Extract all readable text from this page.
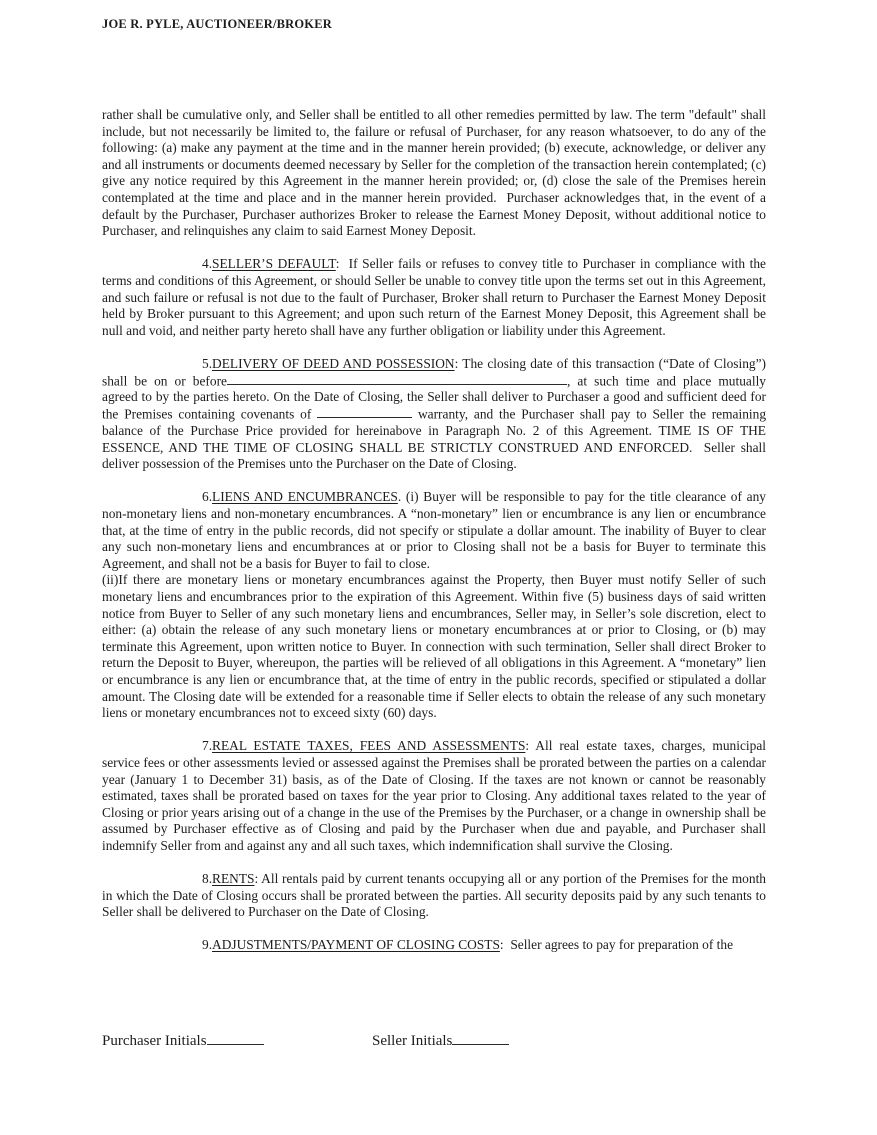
JOE R. PYLE, AUCTIONEER/BROKER
rather shall be cumulative only, and Seller shall be entitled to all other remedies permitted by law. The term "default" shall include, but not necessarily be limited to, the failure or refusal of Purchaser, for any reason whatsoever, to do any of the following: (a) make any payment at the time and in the manner herein provided; (b) execute, acknowledge, or deliver any and all instruments or documents deemed necessary by Seller for the completion of the transaction herein contemplated; (c) give any notice required by this Agreement in the manner herein provided; or, (d) close the sale of the Premises herein contemplated at the time and place and in the manner herein provided.  Purchaser acknowledges that, in the event of a default by the Purchaser, Purchaser authorizes Broker to release the Earnest Money Deposit, without additional notice to Purchaser, and relinquishes any claim to said Earnest Money Deposit.
4.SELLER’S DEFAULT:  If Seller fails or refuses to convey title to Purchaser in compliance with the terms and conditions of this Agreement, or should Seller be unable to convey title upon the terms set out in this Agreement, and such failure or refusal is not due to the fault of Purchaser, Broker shall return to Purchaser the Earnest Money Deposit held by Broker pursuant to this Agreement; and upon such return of the Earnest Money Deposit, this Agreement shall be null and void, and neither party hereto shall have any further obligation or liability under this Agreement.
5.DELIVERY OF DEED AND POSSESSION: The closing date of this transaction (“Date of Closing”) shall be on or before	, at such time and place mutually agreed to by the parties hereto. On the Date of Closing, the Seller shall deliver to Purchaser a good and sufficient deed for the Premises containing covenants of	warranty, and the Purchaser shall pay to Seller the remaining balance of the Purchase Price provided for hereinabove in Paragraph No. 2 of this Agreement. TIME IS OF THE ESSENCE, AND THE TIME OF CLOSING SHALL BE STRICTLY CONSTRUED AND ENFORCED.  Seller shall deliver possession of the Premises unto the Purchaser on the Date of Closing.
6.LIENS AND ENCUMBRANCES. (i) Buyer will be responsible to pay for the title clearance of any non-monetary liens and non-monetary encumbrances. A “non-monetary” lien or encumbrance is any lien or encumbrance that, at the time of entry in the public records, did not specify or stipulate a dollar amount. The inability of Buyer to clear any such non-monetary liens and encumbrances at or prior to Closing shall not be a basis for Buyer to terminate this Agreement, and shall not be a basis for Buyer to fail to close.
(ii)If there are monetary liens or monetary encumbrances against the Property, then Buyer must notify Seller of such monetary liens and encumbrances prior to the expiration of this Agreement. Within five (5) business days of said written notice from Buyer to Seller of any such monetary liens and encumbrances, Seller may, in Seller’s sole discretion, elect to either: (a) obtain the release of any such monetary liens or monetary encumbrances at or prior to Closing, or (b) may terminate this Agreement, upon written notice to Buyer. In connection with such termination, Seller shall direct Broker to return the Deposit to Buyer, whereupon, the parties will be relieved of all obligations in this Agreement. A “monetary” lien or encumbrance is any lien or encumbrance that, at the time of entry in the public records, specified or stipulated a dollar amount. The Closing date will be extended for a reasonable time if Seller elects to obtain the release of any such monetary liens or monetary encumbrances not to exceed sixty (60) days.
7.REAL ESTATE TAXES, FEES AND ASSESSMENTS: All real estate taxes, charges, municipal service fees or other assessments levied or assessed against the Premises shall be prorated between the parties on a calendar year (January 1 to December 31) basis, as of the Date of Closing. If the taxes are not known or cannot be reasonably estimated, taxes shall be prorated based on taxes for the year prior to Closing. Any additional taxes related to the year of Closing or prior years arising out of a change in the use of the Premises by the Purchaser, or a change in ownership shall be assumed by Purchaser effective as of Closing and paid by the Purchaser when due and payable, and Purchaser shall indemnify Seller from and against any and all such taxes, which indemnification shall survive the Closing.
8.RENTS: All rentals paid by current tenants occupying all or any portion of the Premises for the month in which the Date of Closing occurs shall be prorated between the parties. All security deposits paid by any such tenants to Seller shall be delivered to Purchaser on the Date of Closing.
9.ADJUSTMENTS/PAYMENT OF CLOSING COSTS:  Seller agrees to pay for preparation of the
Purchaser Initials	Seller Initials
